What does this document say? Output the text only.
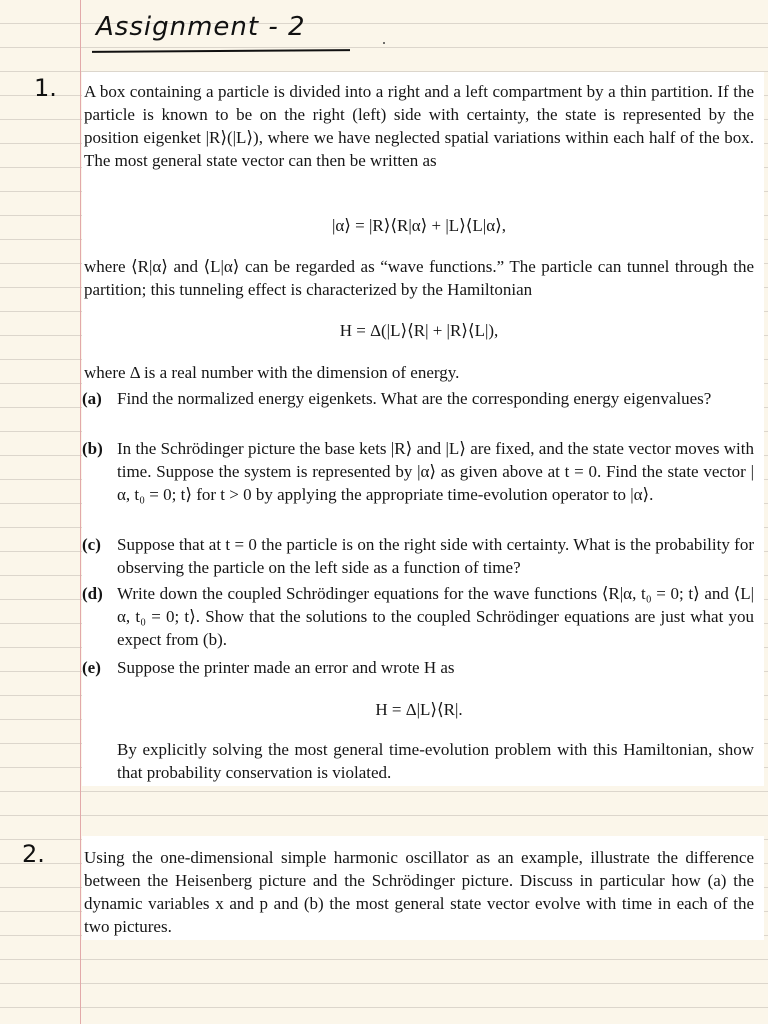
Assignment - 2
1. A box containing a particle is divided into a right and a left compartment by a thin partition. If the particle is known to be on the right (left) side with certainty, the state is represented by the position eigenket |R⟩(|L⟩), where we have neglected spatial variations within each half of the box. The most general state vector can then be written as
|α⟩ = |R⟩⟨R|α⟩ + |L⟩⟨L|α⟩,
where ⟨R|α⟩ and ⟨L|α⟩ can be regarded as “wave functions.” The particle can tunnel through the partition; this tunneling effect is characterized by the Hamiltonian
H = Δ(|L⟩⟨R| + |R⟩⟨L|),
where Δ is a real number with the dimension of energy.
(a) Find the normalized energy eigenkets. What are the corresponding energy eigenvalues?
(b) In the Schrödinger picture the base kets |R⟩ and |L⟩ are fixed, and the state vector moves with time. Suppose the system is represented by |α⟩ as given above at t = 0. Find the state vector |α, t₀ = 0; t⟩ for t > 0 by applying the appropriate time-evolution operator to |α⟩.
(c) Suppose that at t = 0 the particle is on the right side with certainty. What is the probability for observing the particle on the left side as a function of time?
(d) Write down the coupled Schrödinger equations for the wave functions ⟨R|α, t₀ = 0; t⟩ and ⟨L|α, t₀ = 0; t⟩. Show that the solutions to the coupled Schrödinger equations are just what you expect from (b).
(e) Suppose the printer made an error and wrote H as
H = Δ|L⟩⟨R|.
By explicitly solving the most general time-evolution problem with this Hamiltonian, show that probability conservation is violated.
2. Using the one-dimensional simple harmonic oscillator as an example, illustrate the difference between the Heisenberg picture and the Schrödinger picture. Discuss in particular how (a) the dynamic variables x and p and (b) the most general state vector evolve with time in each of the two pictures.
